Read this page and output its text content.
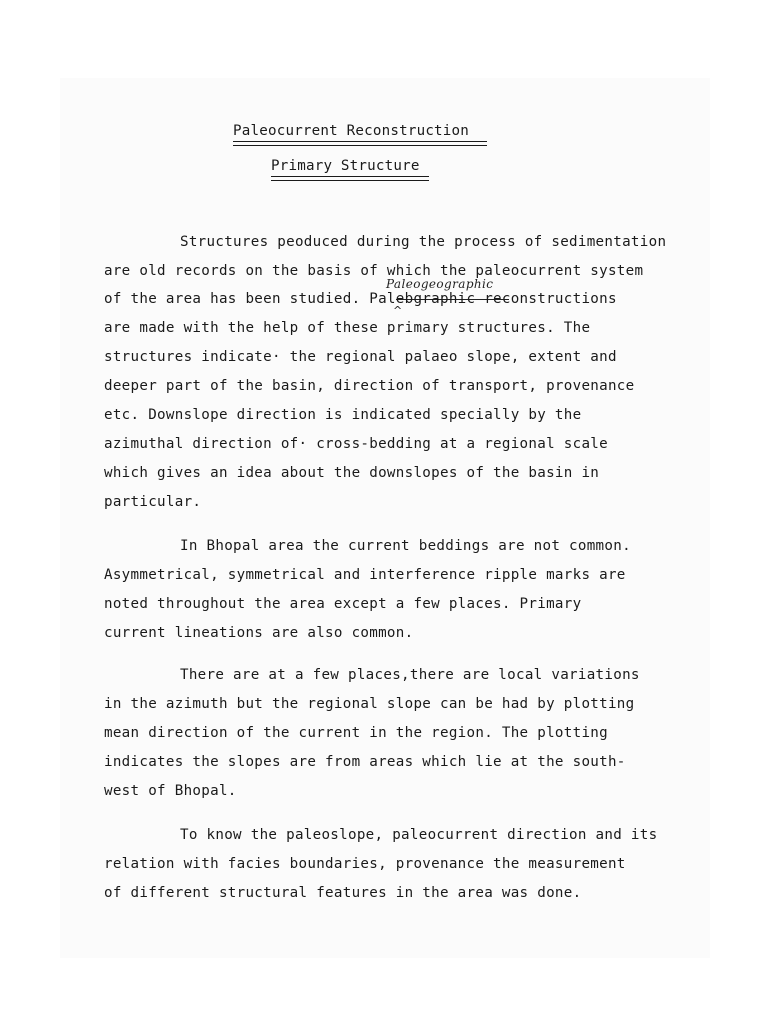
Paleocurrent Reconstruction
Primary Structure
Paleogeographic
^
Structures peoduced during the process of sedimentation
are old records on the basis of which the paleocurrent system
of the area has been studied. Palebgraphic reconstructions
are made with the help of these primary structures. The
structures indicate· the regional palaeo slope, extent and
deeper part of the basin, direction of transport, provenance
etc. Downslope direction is indicated specially by the
azimuthal direction of· cross-bedding at a regional scale
which gives an idea about the downslopes of the basin in
particular.
In Bhopal area the current beddings are not common.
Asymmetrical, symmetrical and interference ripple marks are
noted throughout the area except a few places. Primary
current lineations are also common.
There are at a few places,there are local variations
in the azimuth but the regional slope can be had by plotting
mean direction of the current in the region. The plotting
indicates the slopes are from areas which lie at the south-
west of Bhopal.
To know the paleoslope, paleocurrent direction and its
relation with facies boundaries, provenance the measurement
of different structural features in the area was done.
